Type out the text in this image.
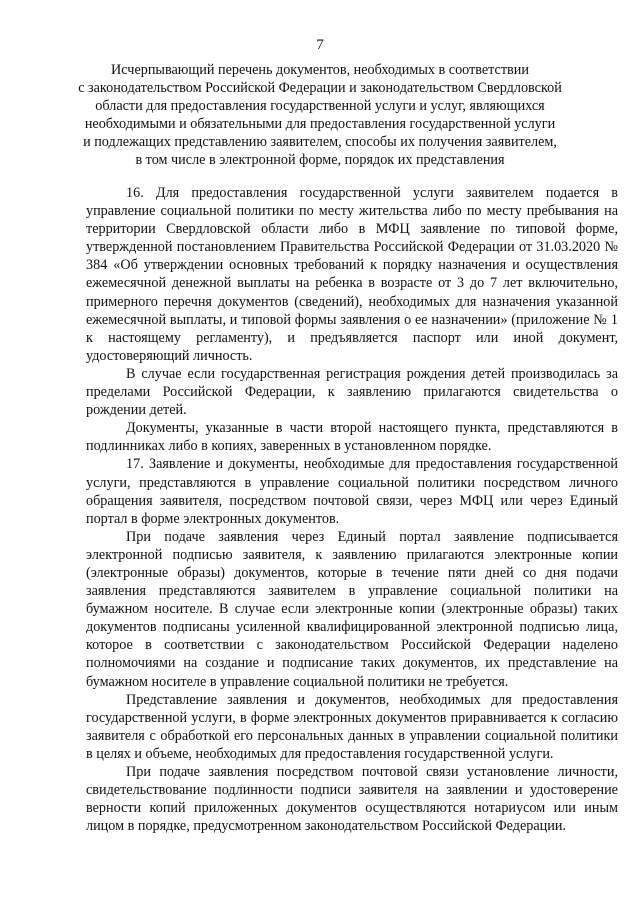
7
Исчерпывающий перечень документов, необходимых в соответствии
с законодательством Российской Федерации и законодательством Свердловской
области для предоставления государственной услуги и услуг, являющихся
необходимыми и обязательными для предоставления государственной услуги
и подлежащих представлению заявителем, способы их получения заявителем,
в том числе в электронной форме, порядок их представления

16. Для предоставления государственной услуги заявителем подается в управление социальной политики по месту жительства либо по месту пребывания на территории Свердловской области либо в МФЦ заявление по типовой форме, утвержденной постановлением Правительства Российской Федерации от 31.03.2020 № 384 «Об утверждении основных требований к порядку назначения и осуществления ежемесячной денежной выплаты на ребенка в возрасте от 3 до 7 лет включительно, примерного перечня документов (сведений), необходимых для назначения указанной ежемесячной выплаты, и типовой формы заявления о ее назначении» (приложение № 1 к настоящему регламенту), и предъявляется паспорт или иной документ, удостоверяющий личность.

В случае если государственная регистрация рождения детей производилась за пределами Российской Федерации, к заявлению прилагаются свидетельства о рождении детей.

Документы, указанные в части второй настоящего пункта, представляются в подлинниках либо в копиях, заверенных в установленном порядке.

17. Заявление и документы, необходимые для предоставления государственной услуги, представляются в управление социальной политики посредством личного обращения заявителя, посредством почтовой связи, через МФЦ или через Единый портал в форме электронных документов.

При подаче заявления через Единый портал заявление подписывается электронной подписью заявителя, к заявлению прилагаются электронные копии (электронные образы) документов, которые в течение пяти дней со дня подачи заявления представляются заявителем в управление социальной политики на бумажном носителе. В случае если электронные копии (электронные образы) таких документов подписаны усиленной квалифицированной электронной подписью лица, которое в соответствии с законодательством Российской Федерации наделено полномочиями на создание и подписание таких документов, их представление на бумажном носителе в управление социальной политики не требуется.

Представление заявления и документов, необходимых для предоставления государственной услуги, в форме электронных документов приравнивается к согласию заявителя с обработкой его персональных данных в управлении социальной политики в целях и объеме, необходимых для предоставления государственной услуги.

При подаче заявления посредством почтовой связи установление личности, свидетельствование подлинности подписи заявителя на заявлении и удостоверение верности копий приложенных документов осуществляются нотариусом или иным лицом в порядке, предусмотренном законодательством Российской Федерации.
